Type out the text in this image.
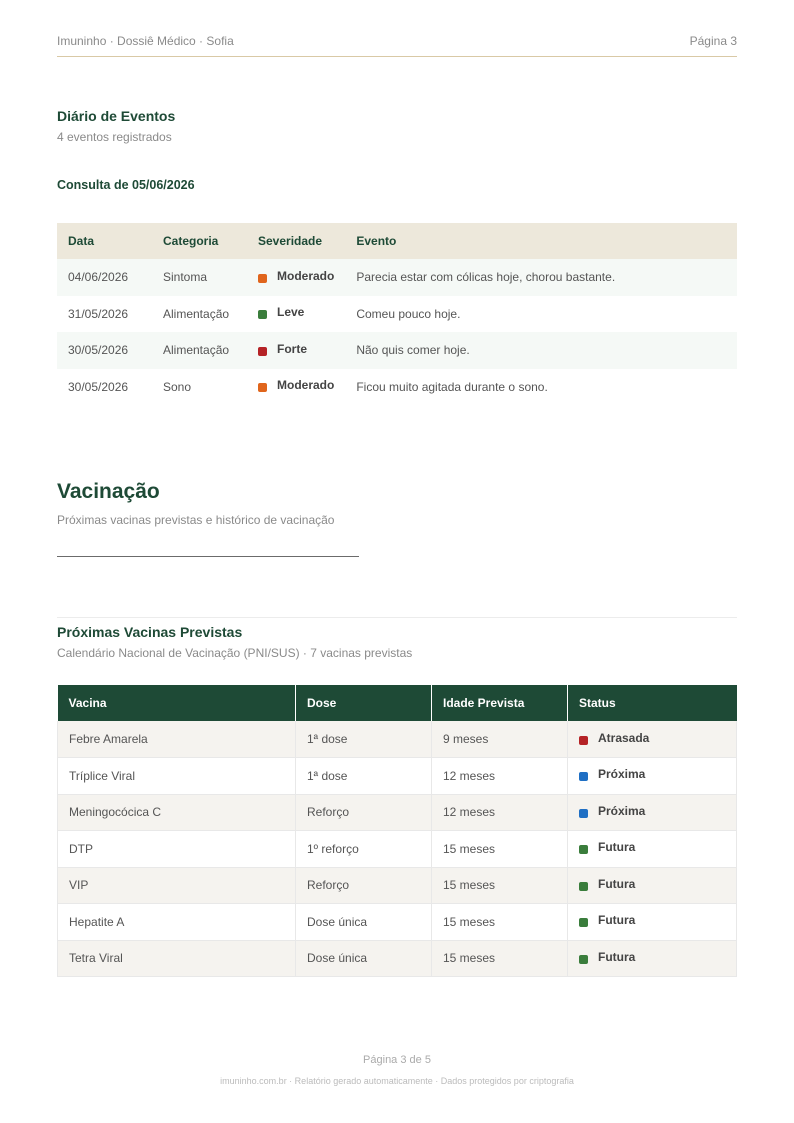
Imuninho · Dossiê Médico · Sofia	Página 3
Diário de Eventos
4 eventos registrados
Consulta de 05/06/2026
Data	Categoria	Severidade	Evento
04/06/2026	Sintoma	Moderado	Parecia estar com cólicas hoje, chorou bastante.
31/05/2026	Alimentação	Leve	Comeu pouco hoje.
30/05/2026	Alimentação	Forte	Não quis comer hoje.
30/05/2026	Sono	Moderado	Ficou muito agitada durante o sono.
Vacinação
Próximas vacinas previstas e histórico de vacinação
Próximas Vacinas Previstas
Calendário Nacional de Vacinação (PNI/SUS) · 7 vacinas previstas
Vacina	Dose	Idade Prevista	Status
Febre Amarela	1ª dose	9 meses	Atrasada

Tríplice Viral	1ª dose	12 meses	Próxima

Meningocócica C	Reforço	12 meses	Próxima

DTP	1º reforço	15 meses	Futura

VIP	Reforço	15 meses	Futura

Hepatite A	Dose única	15 meses	Futura

Tetra Viral	Dose única	15 meses	Futura
Página 3 de 5
imuninho.com.br · Relatório gerado automaticamente · Dados protegidos por criptografia
